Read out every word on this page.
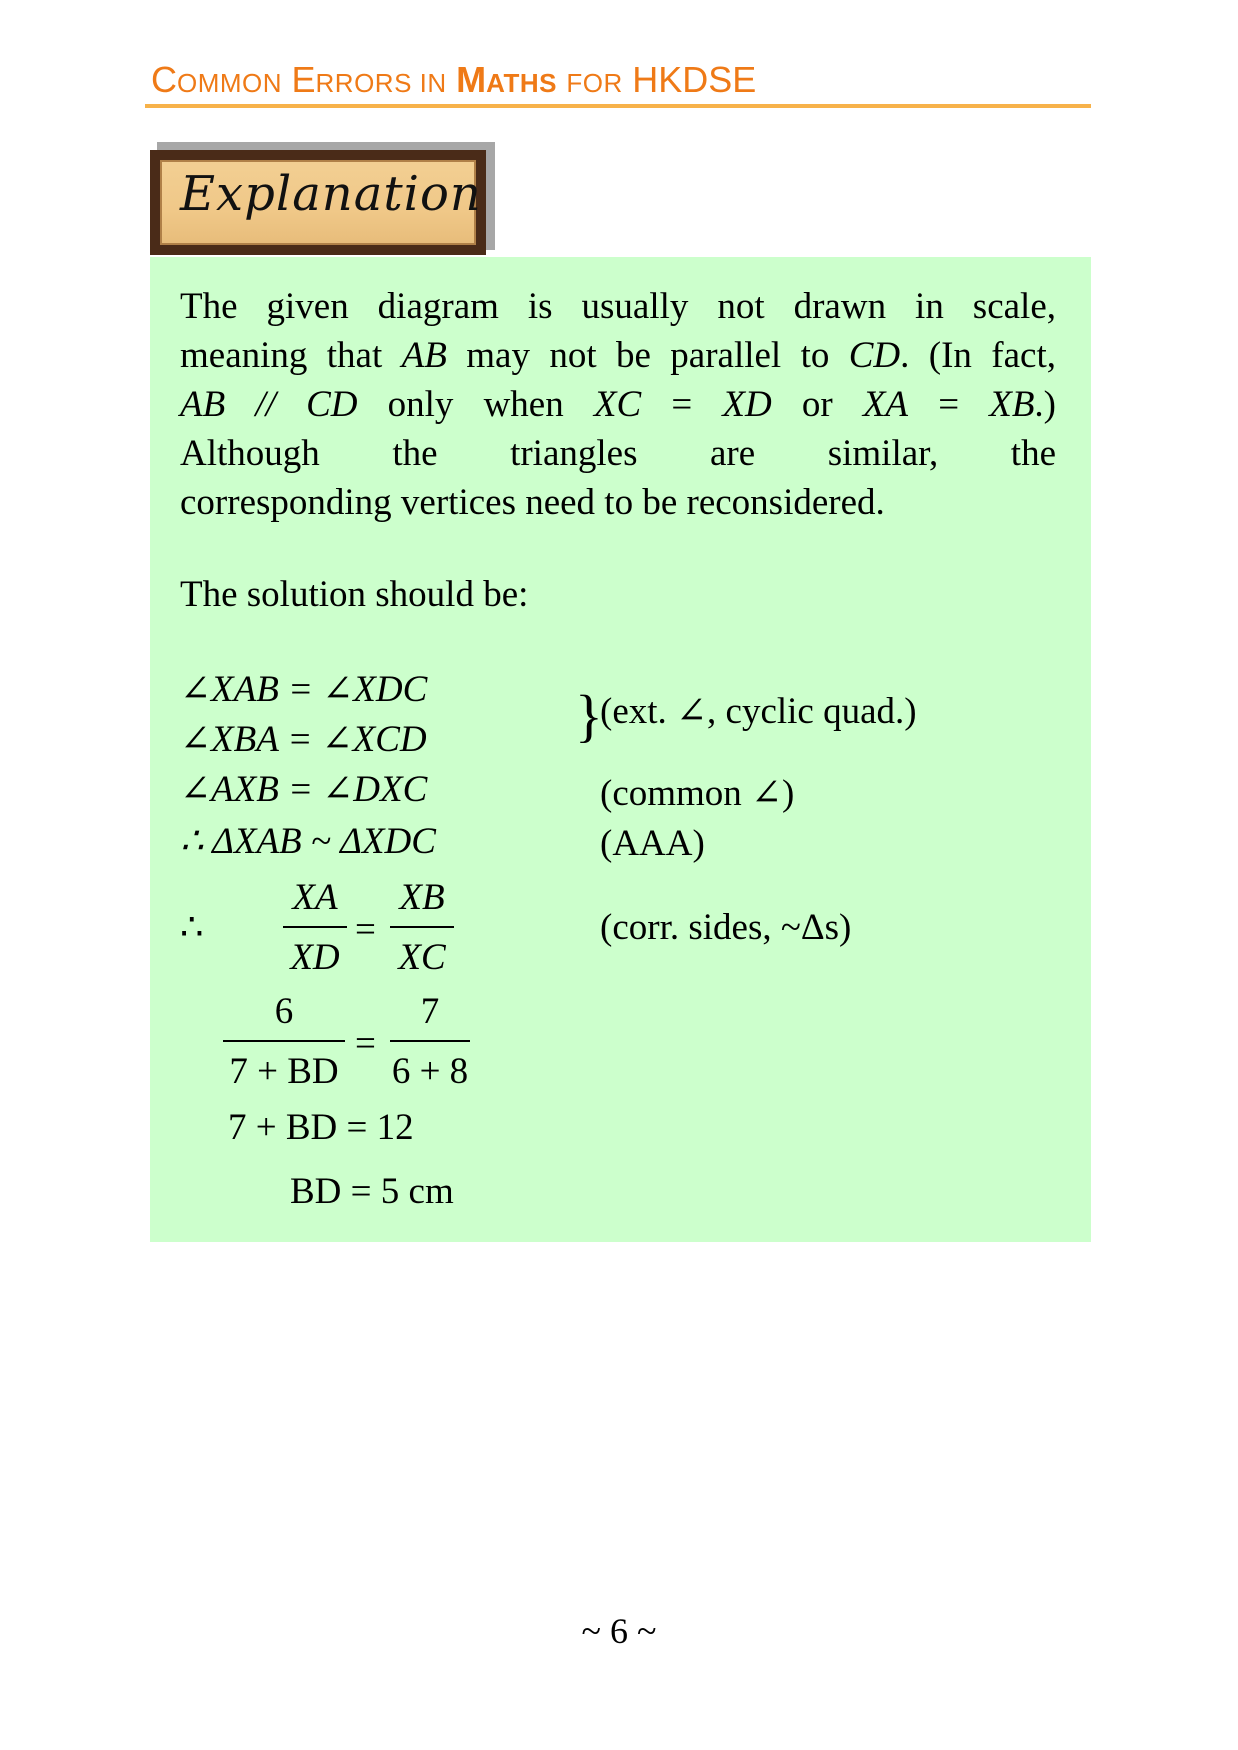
COMMON ERRORS IN MATHS FOR HKDSE
Explanation
The given diagram is usually not drawn in scale,
meaning that AB may not be parallel to CD. (In fact,
AB // CD only when XC = XD or XA = XB.)
Although the triangles are similar, the
corresponding vertices need to be reconsidered.
The solution should be:
∠XAB = ∠XDC
∠XBA = ∠XCD
∠AXB = ∠DXC
∴ ΔXAB ~ ΔXDC
}
(ext. ∠, cyclic quad.)
(common ∠)
(AAA)
(corr. sides, ~Δs)
∴
XA
XD
=
XB
XC
6
7 + BD
=
7
6 + 8
7 + BD = 12
BD = 5 cm
~ 6 ~
